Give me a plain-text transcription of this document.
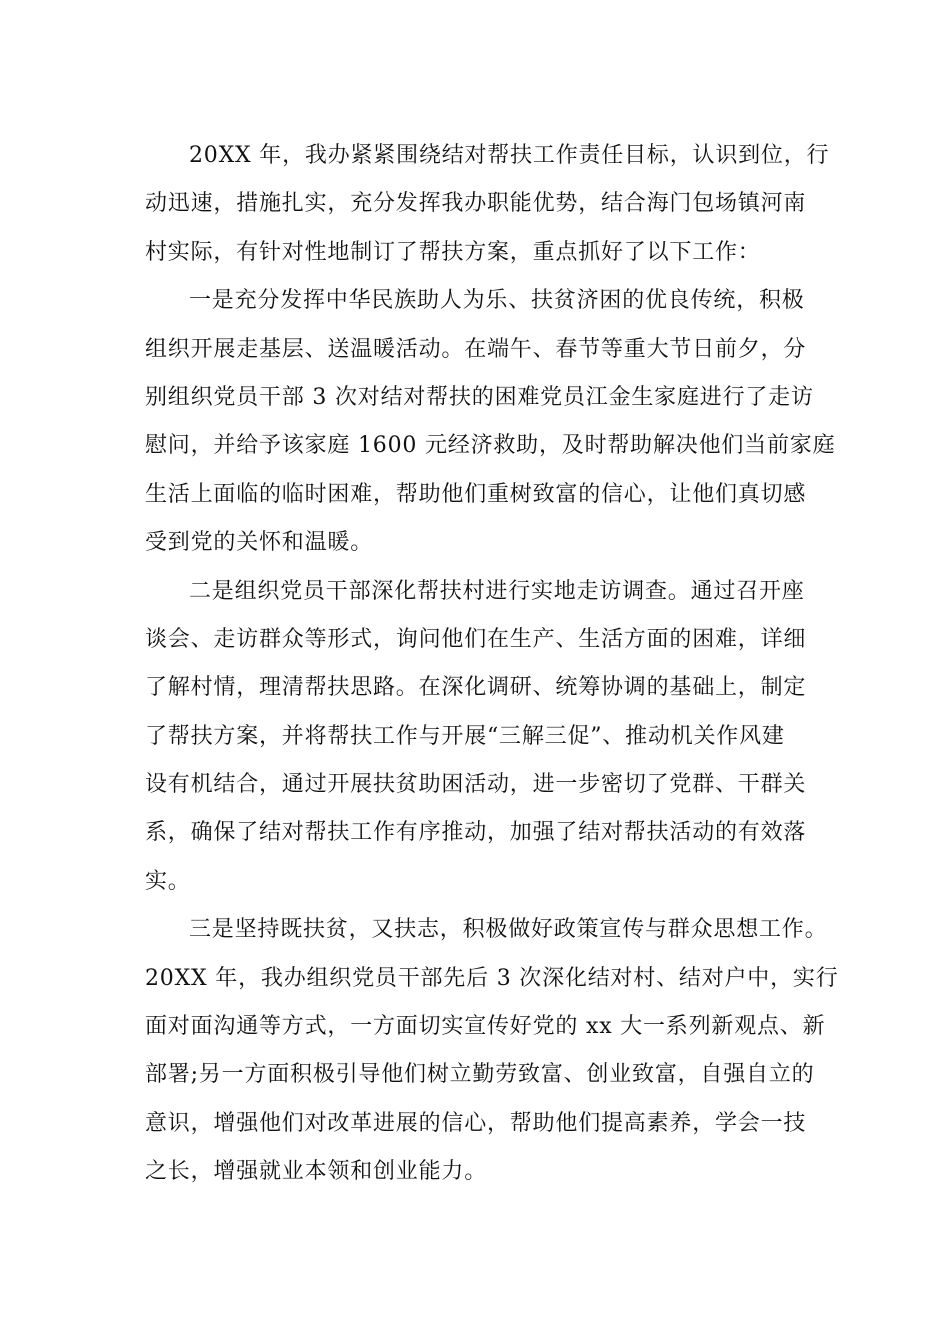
20XX 年，我办紧紧围绕结对帮扶工作责任目标，认识到位，行
动迅速，措施扎实，充分发挥我办职能优势，结合海门包场镇河南
村实际，有针对性地制订了帮扶方案，重点抓好了以下工作：
一是充分发挥中华民族助人为乐、扶贫济困的优良传统，积极
组织开展走基层、送温暖活动。在端午、春节等重大节日前夕，分
别组织党员干部 3 次对结对帮扶的困难党员江金生家庭进行了走访
慰问，并给予该家庭 1600 元经济救助，及时帮助解决他们当前家庭
生活上面临的临时困难，帮助他们重树致富的信心，让他们真切感
受到党的关怀和温暖。
二是组织党员干部深化帮扶村进行实地走访调查。通过召开座
谈会、走访群众等形式，询问他们在生产、生活方面的困难，详细
了解村情，理清帮扶思路。在深化调研、统筹协调的基础上，制定
了帮扶方案，并将帮扶工作与开展“三解三促”、推动机关作风建
设有机结合，通过开展扶贫助困活动，进一步密切了党群、干群关
系，确保了结对帮扶工作有序推动，加强了结对帮扶活动的有效落
实。
三是坚持既扶贫，又扶志，积极做好政策宣传与群众思想工作。
20XX 年，我办组织党员干部先后 3 次深化结对村、结对户中，实行
面对面沟通等方式，一方面切实宣传好党的 xx 大一系列新观点、新
部署;另一方面积极引导他们树立勤劳致富、创业致富，自强自立的
意识，增强他们对改革进展的信心，帮助他们提高素养，学会一技
之长，增强就业本领和创业能力。
